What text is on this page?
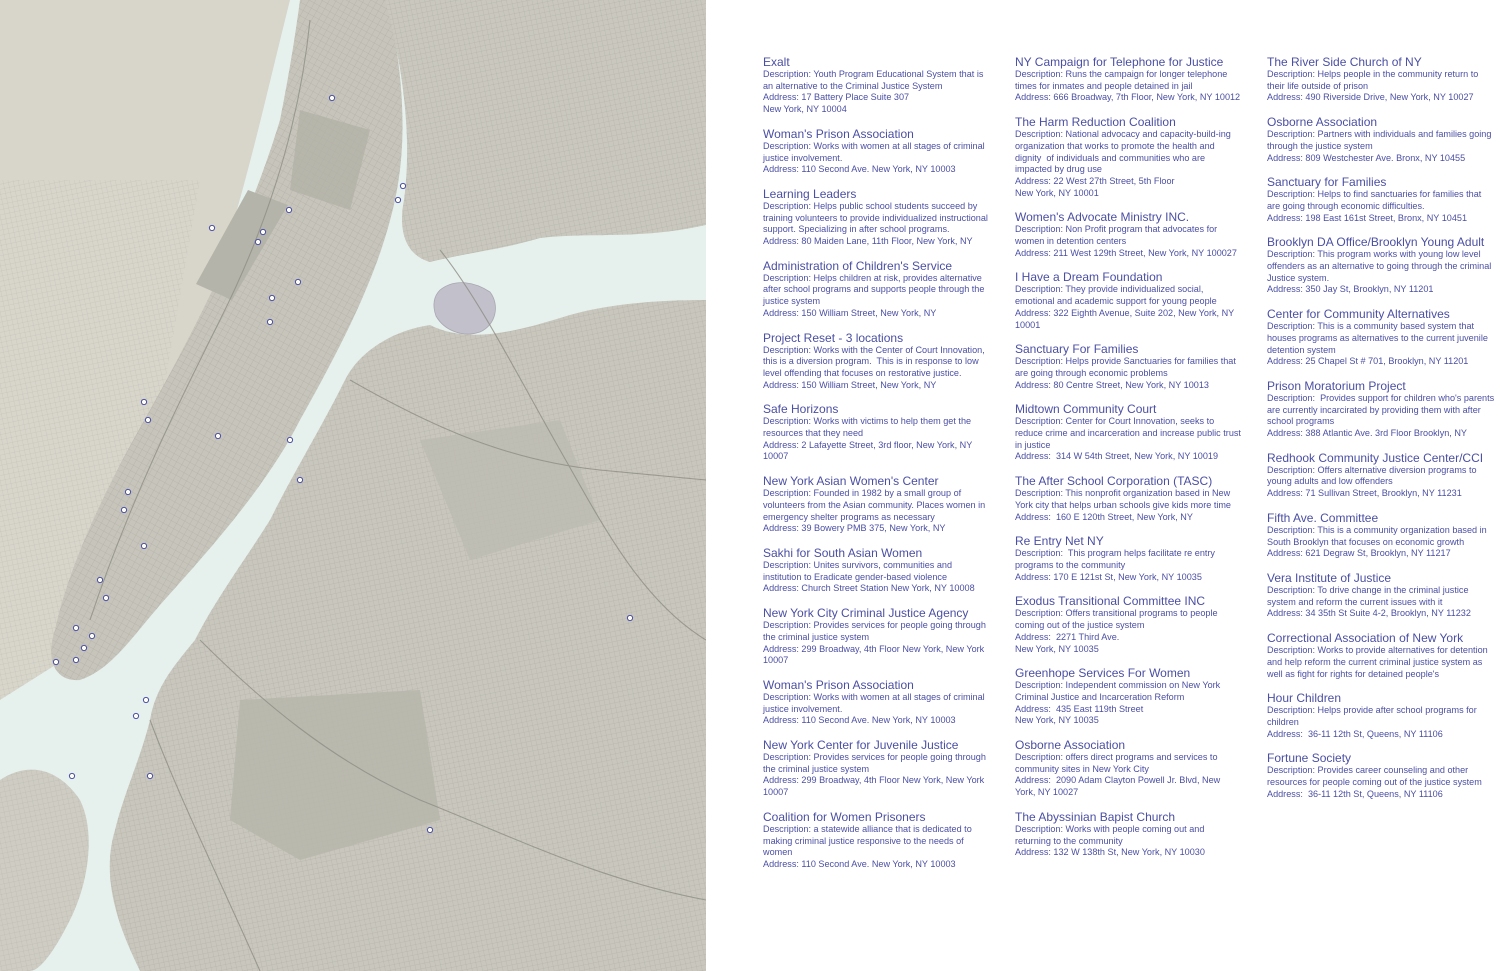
Exalt
Description: Youth Program Educational System that is an alternative to the Criminal Justice System
Address: 17 Battery Place Suite 307
New York, NY 10004
Woman's Prison Association
Description: Works with women at all stages of criminal justice involvement.
Address: 110 Second Ave. New York, NY 10003
Learning Leaders
Description: Helps public school students succeed by training volunteers to provide individualized instructional support. Specializing in after school programs.
Address: 80 Maiden Lane, 11th Floor, New York, NY
Administration of Children's Service
Description: Helps children at risk, provides alternative after school programs and supports people through the justice system
Address: 150 William Street, New York, NY
Project Reset - 3 locations
Description: Works with the Center of Court Innovation, this is a diversion program.  This is in response to low level offending that focuses on restorative justice.
Address: 150 William Street, New York, NY
Safe Horizons
Description: Works with victims to help them get the resources that they need
Address: 2 Lafayette Street, 3rd floor, New York, NY 10007
New York Asian Women's Center
Description: Founded in 1982 by a small group of volunteers from the Asian community. Places women in emergency shelter programs as necessary
Address: 39 Bowery PMB 375, New York, NY
Sakhi for South Asian Women
Description: Unites survivors, communities and institution to Eradicate gender-based violence
Address: Church Street Station New York, NY 10008
New York City Criminal Justice Agency
Description: Provides services for people going through the criminal justice system
Address: 299 Broadway, 4th Floor New York, New York 10007
Woman's Prison Association
Description: Works with women at all stages of criminal justice involvement.
Address: 110 Second Ave. New York, NY 10003
New York Center for Juvenile Justice
Description: Provides services for people going through the criminal justice system
Address: 299 Broadway, 4th Floor New York, New York 10007
Coalition for Women Prisoners
Description: a statewide alliance that is dedicated to making criminal justice responsive to the needs of women
Address: 110 Second Ave. New York, NY 10003
NY Campaign for Telephone for Justice
Description: Runs the campaign for longer telephone times for inmates and people detained in jail
Address: 666 Broadway, 7th Floor, New York, NY 10012
The Harm Reduction Coalition
Description: National advocacy and capacity-build-ing organization that works to promote the health and dignity  of individuals and communities who are impacted by drug use
Address: 22 West 27th Street, 5th Floor
New York, NY 10001
Women's Advocate Ministry INC.
Description: Non Profit program that advocates for women in detention centers
Address: 211 West 129th Street, New York, NY 100027
I Have a Dream Foundation
Description: They provide individualized social, emotional and academic support for young people
Address: 322 Eighth Avenue, Suite 202, New York, NY 10001
Sanctuary For Families
Description: Helps provide Sanctuaries for families that are going through economic problems
Address: 80 Centre Street, New York, NY 10013
Midtown Community Court
Description: Center for Court Innovation, seeks to reduce crime and incarceration and increase public trust in justice
Address:  314 W 54th Street, New York, NY 10019
The After School Corporation (TASC)
Description: This nonprofit organization based in New York city that helps urban schools give kids more time
Address:  160 E 120th Street, New York, NY
Re Entry Net NY
Description:  This program helps facilitate re entry programs to the community
Address: 170 E 121st St, New York, NY 10035
Exodus Transitional Committee INC
Description: Offers transitional programs to people coming out of the justice system
Address:  2271 Third Ave.
New York, NY 10035
Greenhope Services For Women
Description: Independent commission on New York Criminal Justice and Incarceration Reform
Address:  435 East 119th Street
New York, NY 10035
Osborne Association
Description: offers direct programs and services to community sites in New York City
Address:  2090 Adam Clayton Powell Jr. Blvd, New York, NY 10027
The Abyssinian Bapist Church
Description: Works with people coming out and returning to the community
Address: 132 W 138th St, New York, NY 10030
The River Side Church of NY
Description: Helps people in the community return to their life outside of prison
Address: 490 Riverside Drive, New York, NY 10027
Osborne Association
Description: Partners with individuals and families going through the justice system
Address: 809 Westchester Ave. Bronx, NY 10455
Sanctuary for Families
Description: Helps to find sanctuaries for families that are going through economic difficulties.
Address: 198 East 161st Street, Bronx, NY 10451
Brooklyn DA Office/Brooklyn Young Adult
Description: This program works with young low level offenders as an alternative to going through the criminal Justice system.
Address: 350 Jay St, Brooklyn, NY 11201
Center for Community Alternatives
Description: This is a community based system that houses programs as alternatives to the current juvenile detention system
Address: 25 Chapel St # 701, Brooklyn, NY 11201
Prison Moratorium Project
Description:  Provides support for children who's parents are currently incarcirated by providing them with after school programs
Address: 388 Atlantic Ave. 3rd Floor Brooklyn, NY
Redhook Community Justice Center/CCI
Description: Offers alternative diversion programs to young adults and low offenders
Address: 71 Sullivan Street, Brooklyn, NY 11231
Fifth Ave. Committee
Description: This is a community organization based in South Brooklyn that focuses on economic growth
Address: 621 Degraw St, Brooklyn, NY 11217
Vera Institute of Justice
Description: To drive change in the criminal justice system and reform the current issues with it
Address: 34 35th St Suite 4-2, Brooklyn, NY 11232
Correctional Association of New York
Description: Works to provide alternatives for detention and help reform the current criminal justice system as well as fight for rights for detained people's
Hour Children
Description: Helps provide after school programs for children
Address:  36-11 12th St, Queens, NY 11106
Fortune Society
Description: Provides career counseling and other resources for people coming out of the justice system
Address:  36-11 12th St, Queens, NY 11106
